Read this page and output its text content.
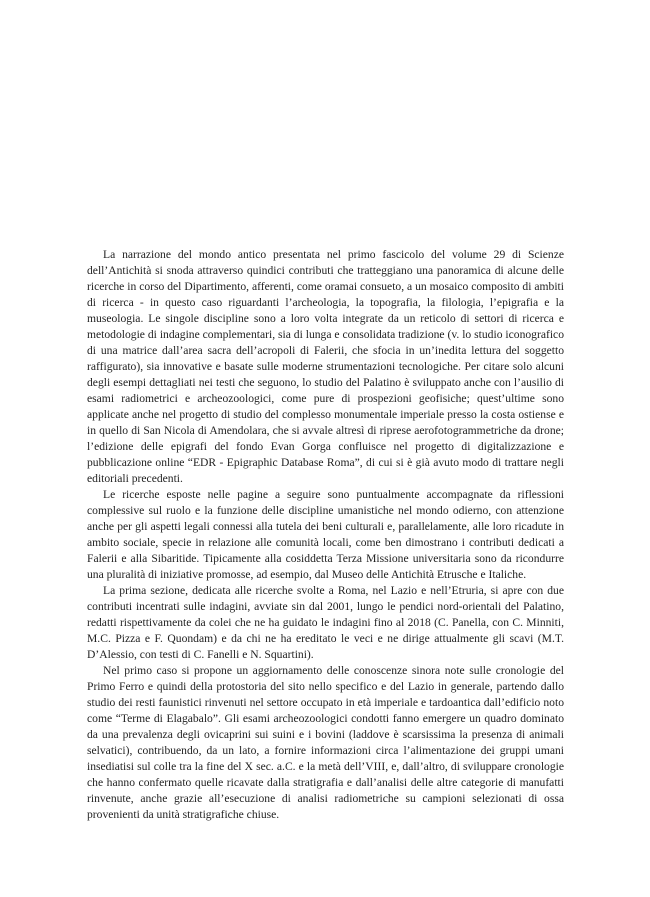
La narrazione del mondo antico presentata nel primo fascicolo del volume 29 di Scienze dell’Antichità si snoda attraverso quindici contributi che tratteggiano una panoramica di alcune delle ricerche in corso del Dipartimento, afferenti, come oramai consueto, a un mosaico composito di ambiti di ricerca - in questo caso riguardanti l’archeologia, la topografia, la filologia, l’epigrafia e la museologia. Le singole discipline sono a loro volta integrate da un reticolo di settori di ricerca e metodologie di indagine complementari, sia di lunga e consolidata tradizione (v. lo studio iconografico di una matrice dall’area sacra dell’acropoli di Falerii, che sfocia in un’inedita lettura del soggetto raffigurato), sia innovative e basate sulle moderne strumentazioni tecnologiche. Per citare solo alcuni degli esempi dettagliati nei testi che seguono, lo studio del Palatino è sviluppato anche con l’ausilio di esami radiometrici e archeozoologici, come pure di prospezioni geofisiche; quest’ultime sono applicate anche nel progetto di studio del complesso monumentale imperiale presso la costa ostiense e in quello di San Nicola di Amendolara, che si avvale altresì di riprese aerofotogrammetriche da drone; l’edizione delle epigrafi del fondo Evan Gorga confluisce nel progetto di digitalizzazione e pubblicazione online “EDR - Epigraphic Database Roma”, di cui si è già avuto modo di trattare negli editoriali precedenti.

Le ricerche esposte nelle pagine a seguire sono puntualmente accompagnate da riflessioni complessive sul ruolo e la funzione delle discipline umanistiche nel mondo odierno, con attenzione anche per gli aspetti legali connessi alla tutela dei beni culturali e, parallelamente, alle loro ricadute in ambito sociale, specie in relazione alle comunità locali, come ben dimostrano i contributi dedicati a Falerii e alla Sibaritide. Tipicamente alla cosiddetta Terza Missione universitaria sono da ricondurre una pluralità di iniziative promosse, ad esempio, dal Museo delle Antichità Etrusche e Italiche.

La prima sezione, dedicata alle ricerche svolte a Roma, nel Lazio e nell’Etruria, si apre con due contributi incentrati sulle indagini, avviate sin dal 2001, lungo le pendici nord-orientali del Palatino, redatti rispettivamente da colei che ne ha guidato le indagini fino al 2018 (C. Panella, con C. Minniti, M.C. Pizza e F. Quondam) e da chi ne ha ereditato le veci e ne dirige attualmente gli scavi (M.T. D’Alessio, con testi di C. Fanelli e N. Squartini).

Nel primo caso si propone un aggiornamento delle conoscenze sinora note sulle cronologie del Primo Ferro e quindi della protostoria del sito nello specifico e del Lazio in generale, partendo dallo studio dei resti faunistici rinvenuti nel settore occupato in età imperiale e tardoantica dall’edificio noto come “Terme di Elagabalo”. Gli esami archeozoologici condotti fanno emergere un quadro dominato da una prevalenza degli ovicaprini sui suini e i bovini (laddove è scarsissima la presenza di animali selvatici), contribuendo, da un lato, a fornire informazioni circa l’alimentazione dei gruppi umani insediatisi sul colle tra la fine del X sec. a.C. e la metà dell’VIII, e, dall’altro, di sviluppare cronologie che hanno confermato quelle ricavate dalla stratigrafia e dall’analisi delle altre categorie di manufatti rinvenute, anche grazie all’esecuzione di analisi radiometriche su campioni selezionati di ossa provenienti da unità stratigrafiche chiuse.
